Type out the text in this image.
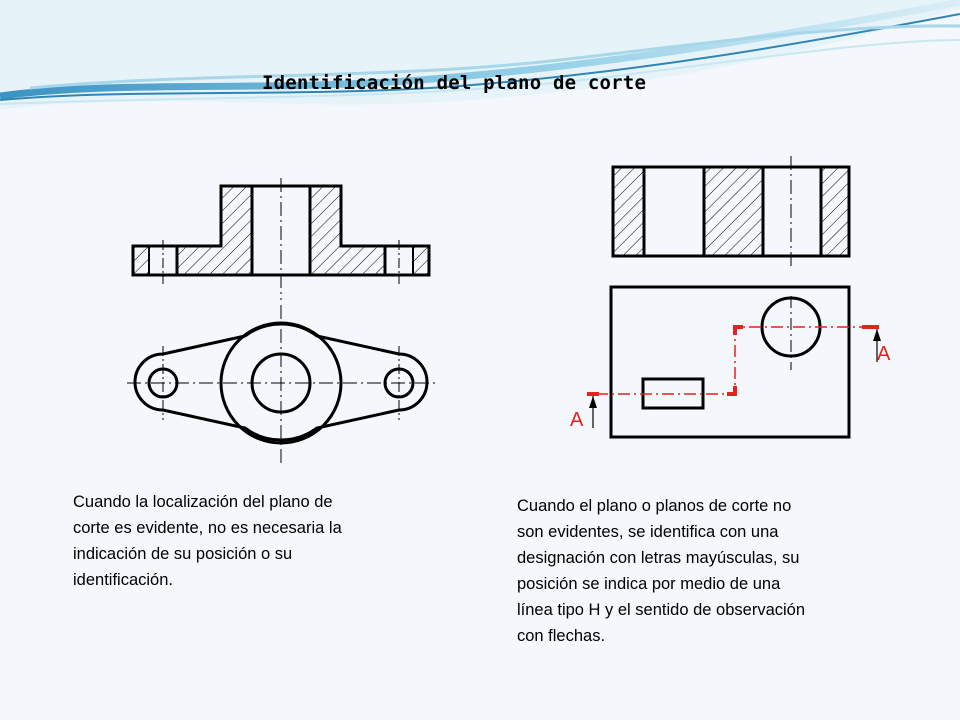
A
A
Identificación del plano de corte

Cuando la localización del plano de
corte es evidente, no es necesaria la
indicación de su posición o su
identificación.

Cuando el plano o planos de corte no
son evidentes, se identifica con una
designación con letras mayúsculas, su
posición se indica por medio de una
línea tipo H y el sentido de observación
con flechas.
